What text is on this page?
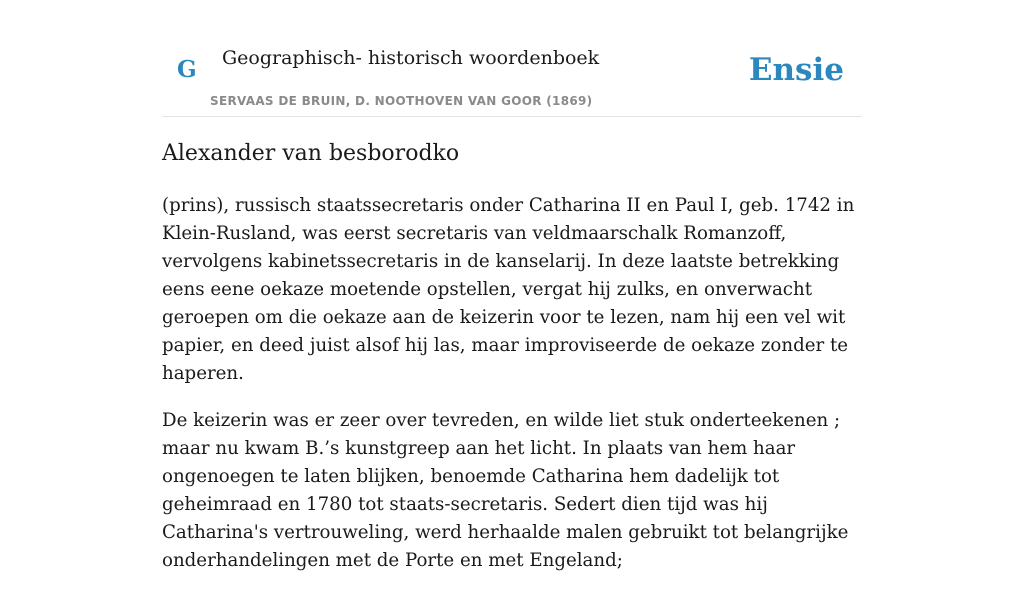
G Geographisch- historisch woordenboek
SERVAAS DE BRUIN, D. NOOTHOVEN VAN GOOR (1869)
Ensie
Alexander van besborodko

(prins), russisch staatssecretaris onder Catharina II en Paul I, geb. 1742 in Klein-Rusland, was eerst secretaris van veldmaarschalk Romanzoff, vervolgens kabinetssecretaris in de kanselarij. In deze laatste betrekking eens eene oekaze moetende opstellen, vergat hij zulks, en onverwacht geroepen om die oekaze aan de keizerin voor te lezen, nam hij een vel wit papier, en deed juist alsof hij las, maar improviseerde de oekaze zonder te haperen.

De keizerin was er zeer over tevreden, en wilde liet stuk onderteekenen ; maar nu kwam B.’s kunstgreep aan het licht. In plaats van hem haar ongenoegen te laten blijken, benoemde Catharina hem dadelijk tot geheimraad en 1780 tot staats-secretaris. Sedert dien tijd was hij Catharina's vertrouweling, werd herhaalde malen gebruikt tot belangrijke onderhandelingen met de Porte en met Engeland;
